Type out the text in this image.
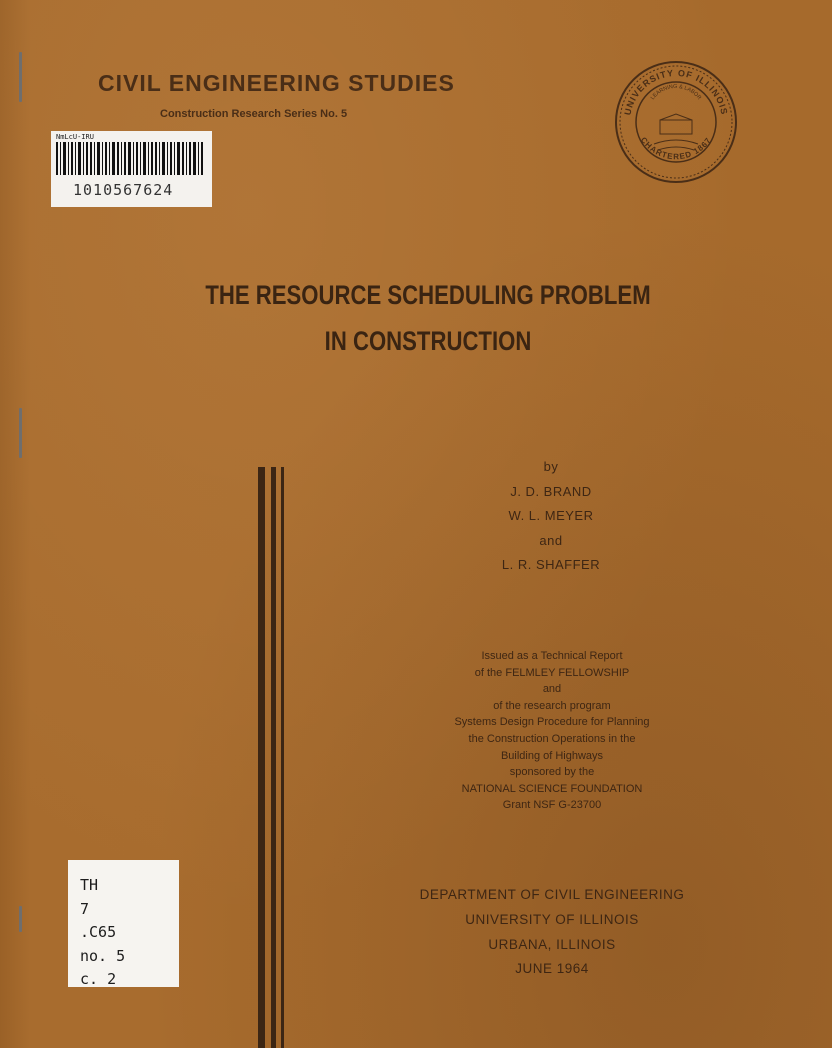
CIVIL ENGINEERING STUDIES
Construction Research Series No. 5
NmLcU-IRU
1010567624
UNIVERSITY OF ILLINOIS
CHARTERED 1867
LEARNING & LABOR
THE RESOURCE SCHEDULING PROBLEM
IN CONSTRUCTION

by

J. D. BRAND

W. L. MEYER

and

L. R. SHAFFER

Issued as a Technical Report

of the FELMLEY FELLOWSHIP

and

of the research program

Systems Design Procedure for Planning

the Construction Operations in the

Building of Highways

sponsored by the

NATIONAL SCIENCE FOUNDATION

Grant NSF G-23700

DEPARTMENT OF CIVIL ENGINEERING

UNIVERSITY OF ILLINOIS

URBANA, ILLINOIS

JUNE 1964

TH

7

.C65

no. 5

c. 2
